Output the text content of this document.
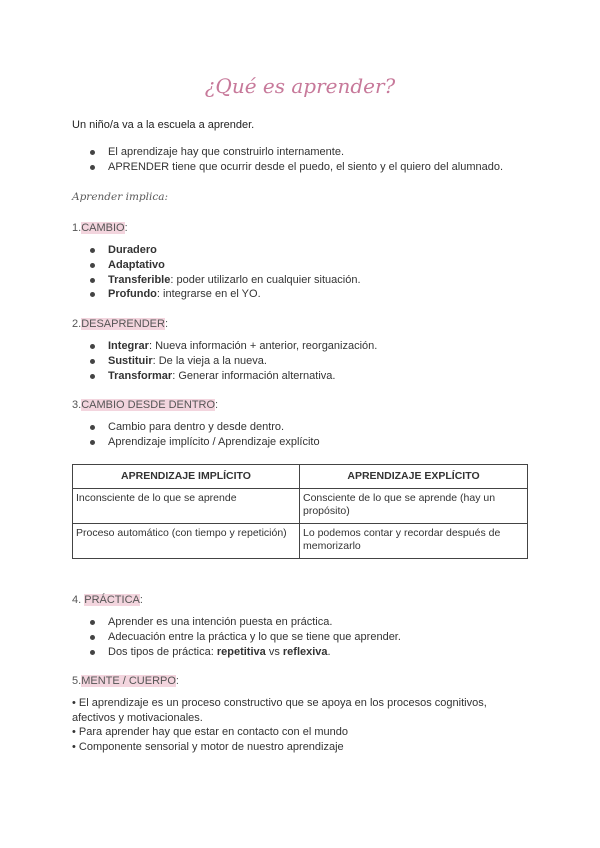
¿Qué es aprender?
Un niño/a va a la escuela a aprender.
El aprendizaje hay que construirlo internamente.
APRENDER tiene que ocurrir desde el puedo, el siento y el quiero del alumnado.
Aprender implica:
1.CAMBIO:
Duradero
Adaptativo
Transferible: poder utilizarlo en cualquier situación.
Profundo: integrarse en el YO.
2.DESAPRENDER:
Integrar: Nueva información + anterior, reorganización.
Sustituir: De la vieja a la nueva.
Transformar: Generar información alternativa.
3.CAMBIO DESDE DENTRO:
Cambio para dentro y desde dentro.
Aprendizaje implícito / Aprendizaje explícito
APRENDIZAJE IMPLÍCITO	APRENDIZAJE EXPLÍCITO
Inconsciente de lo que se aprende	Consciente de lo que se aprende (hay un propósito)
Proceso automático (con tiempo y repetición)	Lo podemos contar y recordar después de memorizarlo
4. PRÁCTICA:
Aprender es una intención puesta en práctica.
Adecuación entre la práctica y lo que se tiene que aprender.
Dos tipos de práctica: repetitiva vs reflexiva.
5.MENTE / CUERPO:
• El aprendizaje es un proceso constructivo que se apoya en los procesos cognitivos, afectivos y motivacionales.
• Para aprender hay que estar en contacto con el mundo
• Componente sensorial y motor de nuestro aprendizaje
